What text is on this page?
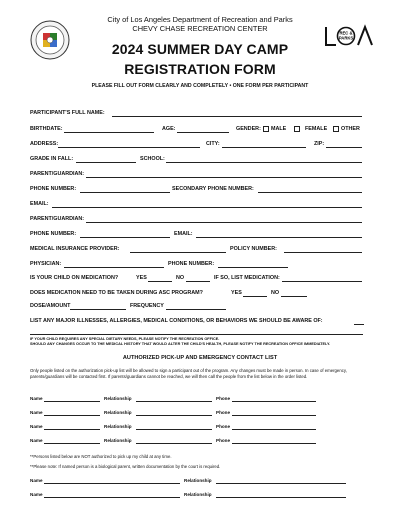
City of Los Angeles Department of Recreation and Parks
CHEVY CHASE RECREATION CENTER	REC &
PARKS
2024 SUMMER DAY CAMP
REGISTRATION FORM
PLEASE FILL OUT FORM CLEARLY AND COMPLETELY • ONE FORM PER PARTICIPANT
PARTICIPANT'S FULL NAME:
BIRTHDATE:	AGE:	GENDER: MALE	FEMALE	OTHER
ADDRESS:	CITY:	ZIP:
GRADE IN FALL:	SCHOOL:
PARENT/GUARDIAN:
PHONE NUMBER:	SECONDARY PHONE NUMBER:
EMAIL:
PARENT/GUARDIAN:
PHONE NUMBER:	EMAIL:
MEDICAL INSURANCE PROVIDER:	POLICY NUMBER:
PHYSICIAN:	PHONE NUMBER:
IS YOUR CHILD ON MEDICATION?	YES	NO	IF SO, LIST MEDICATION:
DOES MEDICATION NEED TO BE TAKEN DURING ASC PROGRAM?	YES	NO
DOSE/AMOUNT	FREQUENCY
LIST ANY MAJOR ILLNESSES, ALLERGIES, MEDICAL CONDITIONS, OR BEHAVIORS WE SHOULD BE AWARE OF:
IF YOUR CHILD REQUIRES ANY SPECIAL DIETARY NEEDS, PLEASE NOTIFY THE RECREATION OFFICE.
SHOULD ANY CHANGES OCCUR TO THE MEDICAL HISTORY THAT WOULD ALTER THE CHILD'S HEALTH, PLEASE NOTIFY THE RECREATION OFFICE IMMEDIATELY.
AUTHORIZED PICK-UP AND EMERGENCY CONTACT LIST
Only people listed on the authorization pick-up list will be allowed to sign a participant out of the program. Any changes must be made in person. In case of emergency, parents/guardians will be contacted first. If parents/guardians cannot be reached, we will then call the people from the list below in the order listed.
Name	Relationship	Phone
Name	Relationship	Phone
Name	Relationship	Phone
Name	Relationship	Phone
**Persons listed below are NOT authorized to pick up my child at any time.
**Please note: If named person is a biological parent, written documentation by the court is required.
Name	Relationship
Name	Relationship
